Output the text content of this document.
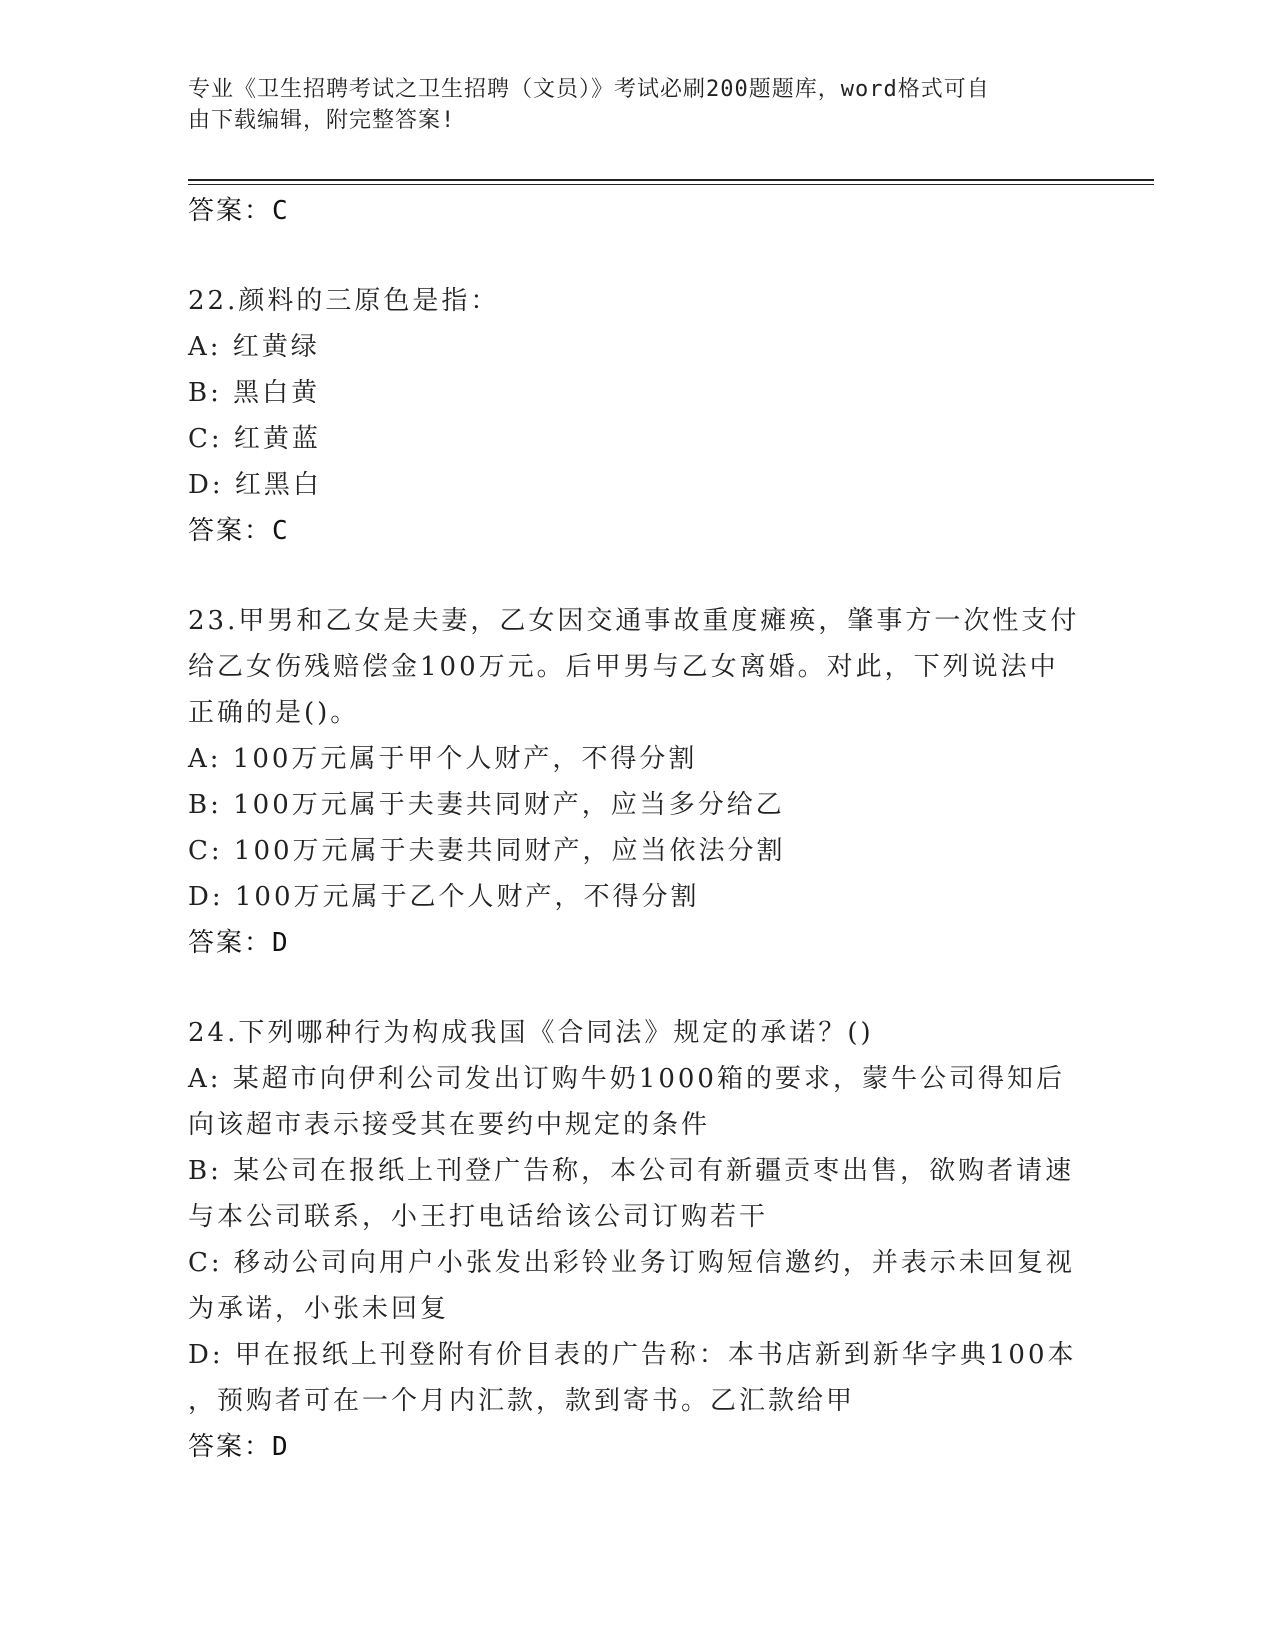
专业《卫生招聘考试之卫生招聘（文员）》考试必刷200题题库，word格式可自
由下载编辑，附完整答案!
答案：C
22.颜料的三原色是指：
A: 红黄绿
B: 黑白黄
C: 红黄蓝
D: 红黑白
答案：C
23.甲男和乙女是夫妻，乙女因交通事故重度瘫痪，肇事方一次性支付
给乙女伤残赔偿金100万元。后甲男与乙女离婚。对此，下列说法中
正确的是()。
A: 100万元属于甲个人财产，不得分割
B: 100万元属于夫妻共同财产，应当多分给乙
C: 100万元属于夫妻共同财产，应当依法分割
D: 100万元属于乙个人财产，不得分割
答案：D
24.下列哪种行为构成我国《合同法》规定的承诺？()
A: 某超市向伊利公司发出订购牛奶1000箱的要求，蒙牛公司得知后
向该超市表示接受其在要约中规定的条件
B: 某公司在报纸上刊登广告称，本公司有新疆贡枣出售，欲购者请速
与本公司联系，小王打电话给该公司订购若干
C: 移动公司向用户小张发出彩铃业务订购短信邀约，并表示未回复视
为承诺，小张未回复
D: 甲在报纸上刊登附有价目表的广告称：本书店新到新华字典100本
，预购者可在一个月内汇款，款到寄书。乙汇款给甲
答案：D
